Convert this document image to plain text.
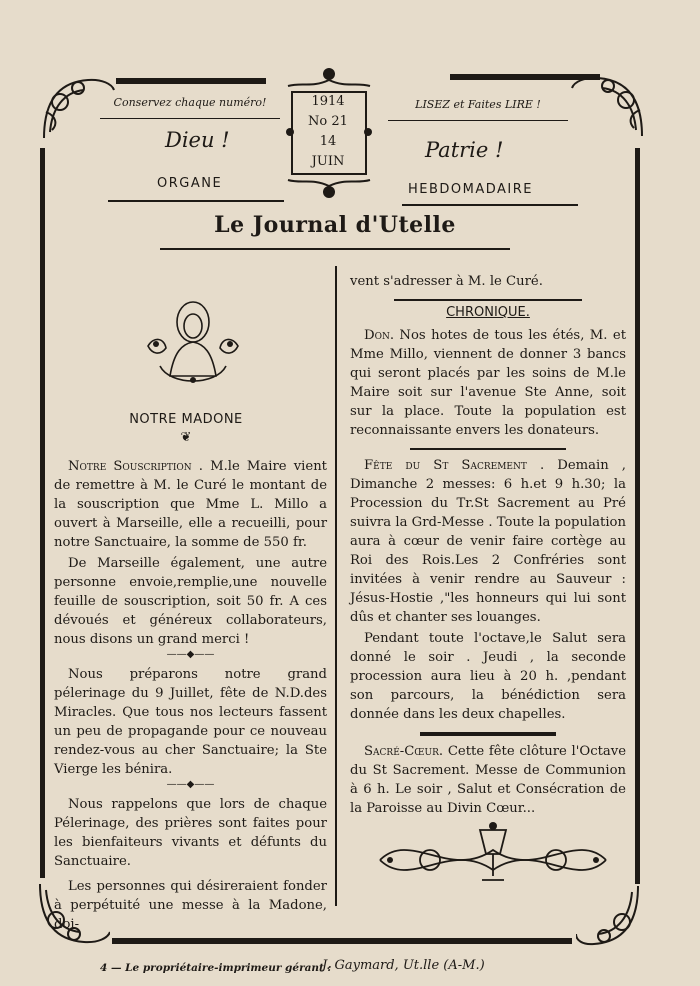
Conservez chaque numéro!	LISEZ et Faites LIRE !
Dieu !	Patrie !
1914
No 21
14
JUIN
ORGANE	HEBDOMADAIRE
Le Journal d'Utelle
NOTRE MADONE
❦

Notre Souscription . M.le Maire vient de remettre à M. le Curé le montant de la souscription que Mme L. Millo a ouvert à Marseille, elle a recueilli, pour notre Sanctuaire, la somme de 550 fr.

De Marseille également, une autre personne envoie,remplie,une nouvelle feuille de souscription, soit 50 fr. A ces dévoués et généreux collaborateurs, nous disons un grand merci !

——◆——

Nous préparons notre grand pélerinage du 9 Juillet, fête de N.D.des Miracles. Que tous nos lecteurs fassent un peu de propagande pour ce nouveau rendez-vous au cher Sanctuaire; la Ste Vierge les bénira.

——◆——

Nous rappelons que lors de chaque Pélerinage, des prières sont faites pour les bienfaiteurs vivants et défunts du Sanctuaire.

Les personnes qui désireraient fonder à perpétuité une messe à la Madone, doi-

vent s'adresser à M. le Curé.

CHRONIQUE.

Don. Nos hotes de tous les étés, M. et Mme Millo, viennent de donner 3 bancs qui seront placés par les soins de M.le Maire soit sur l'avenue Ste Anne, soit sur la place. Toute la population est reconnaissante envers les donateurs.

Fête du St Sacrement . Demain , Dimanche 2 messes: 6 h.et 9 h.30; la Procession du Tr.St Sacrement au Pré suivra la Grd-Messe . Toute la population aura à cœur de venir faire cortège au Roi des Rois.Les 2 Confréries sont invitées à venir rendre au Sauveur : Jésus-Hostie ,"les honneurs qui lui sont dûs et chanter ses louanges.

Pendant toute l'octave,le Salut sera donné le soir . Jeudi , la seconde procession aura lieu à 20 h. ,pendant son parcours, la bénédiction sera donnée dans les deux chapelles.

Sacré-Cœur. Cette fête clôture l'Octave du St Sacrement. Messe de Communion à 6 h. Le soir , Salut et Consécration de la Paroisse au Divin Cœur...

4 — Le propriétaire-imprimeur gérant :
J. Gaymard, Ut.lle (A-M.)
